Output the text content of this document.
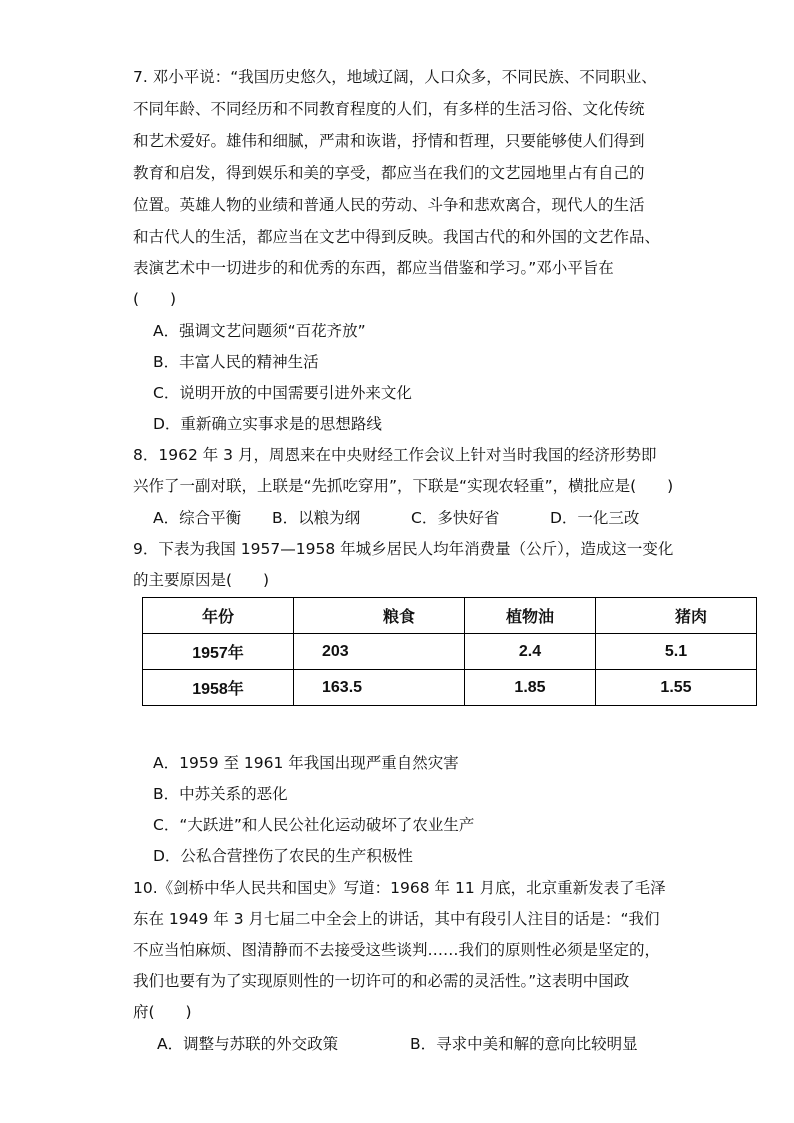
7. 邓小平说：“我国历史悠久，地域辽阔，人口众多，不同民族、不同职业、
不同年龄、不同经历和不同教育程度的人们，有多样的生活习俗、文化传统
和艺术爱好。雄伟和细腻，严肃和诙谐，抒情和哲理，只要能够使人们得到
教育和启发，得到娱乐和美的享受，都应当在我们的文艺园地里占有自己的
位置。英雄人物的业绩和普通人民的劳动、斗争和悲欢离合，现代人的生活
和古代人的生活，都应当在文艺中得到反映。我国古代的和外国的文艺作品、
表演艺术中一切进步的和优秀的东西，都应当借鉴和学习。”邓小平旨在
(　　)
A．强调文艺问题须“百花齐放”
B．丰富人民的精神生活
C．说明开放的中国需要引进外来文化
D．重新确立实事求是的思想路线
8．1962 年 3 月，周恩来在中央财经工作会议上针对当时我国的经济形势即
兴作了一副对联，上联是“先抓吃穿用”，下联是“实现农轻重”，横批应是(　　)
A．综合平衡 B．以粮为纲	C．多快好省	D．一化三改
9．下表为我国 1957—1958 年城乡居民人均年消费量（公斤），造成这一变化
的主要原因是(　　)
年份	粮食	植物油	猪肉
1957年	203	2.4	5.1
1958年	163.5	1.85	1.55
A．1959 至 1961 年我国出现严重自然灾害
B．中苏关系的恶化
C．“大跃进”和人民公社化运动破坏了农业生产
D．公私合营挫伤了农民的生产积极性
10.《剑桥中华人民共和国史》写道：1968 年 11 月底，北京重新发表了毛泽
东在 1949 年 3 月七届二中全会上的讲话，其中有段引人注目的话是：“我们
不应当怕麻烦、图清静而不去接受这些谈判……我们的原则性必须是坚定的，
我们也要有为了实现原则性的一切许可的和必需的灵活性。”这表明中国政
府(　　)
A．调整与苏联的外交政策	B．寻求中美和解的意向比较明显
